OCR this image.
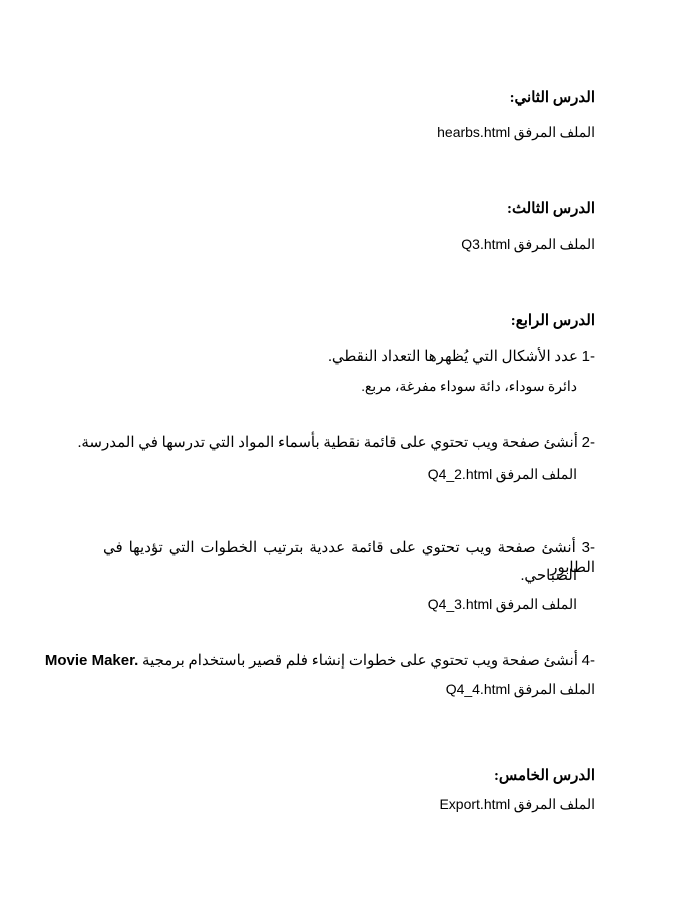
الدرس الثاني:
الملف المرفق hearbs.html
الدرس الثالث:
الملف المرفق Q3.html
الدرس الرابع:
1- عدد الأشكال التي يُظهرها التعداد النقطي.
دائرة سوداء، دائة سوداء مفرغة، مربع.
2- أنشئ صفحة ويب تحتوي على قائمة نقطية بأسماء المواد التي تدرسها في المدرسة.
الملف المرفق Q4_2.html
3- أنشئ صفحة ويب تحتوي على قائمة عددية بترتيب الخطوات التي تؤديها في الطابور
الصباحي.
الملف المرفق Q4_3.html
4- أنشئ صفحة ويب تحتوي على خطوات إنشاء فلم قصير باستخدام برمجية Movie Maker.
الملف المرفق Q4_4.html
الدرس الخامس:
الملف المرفق Export.html
